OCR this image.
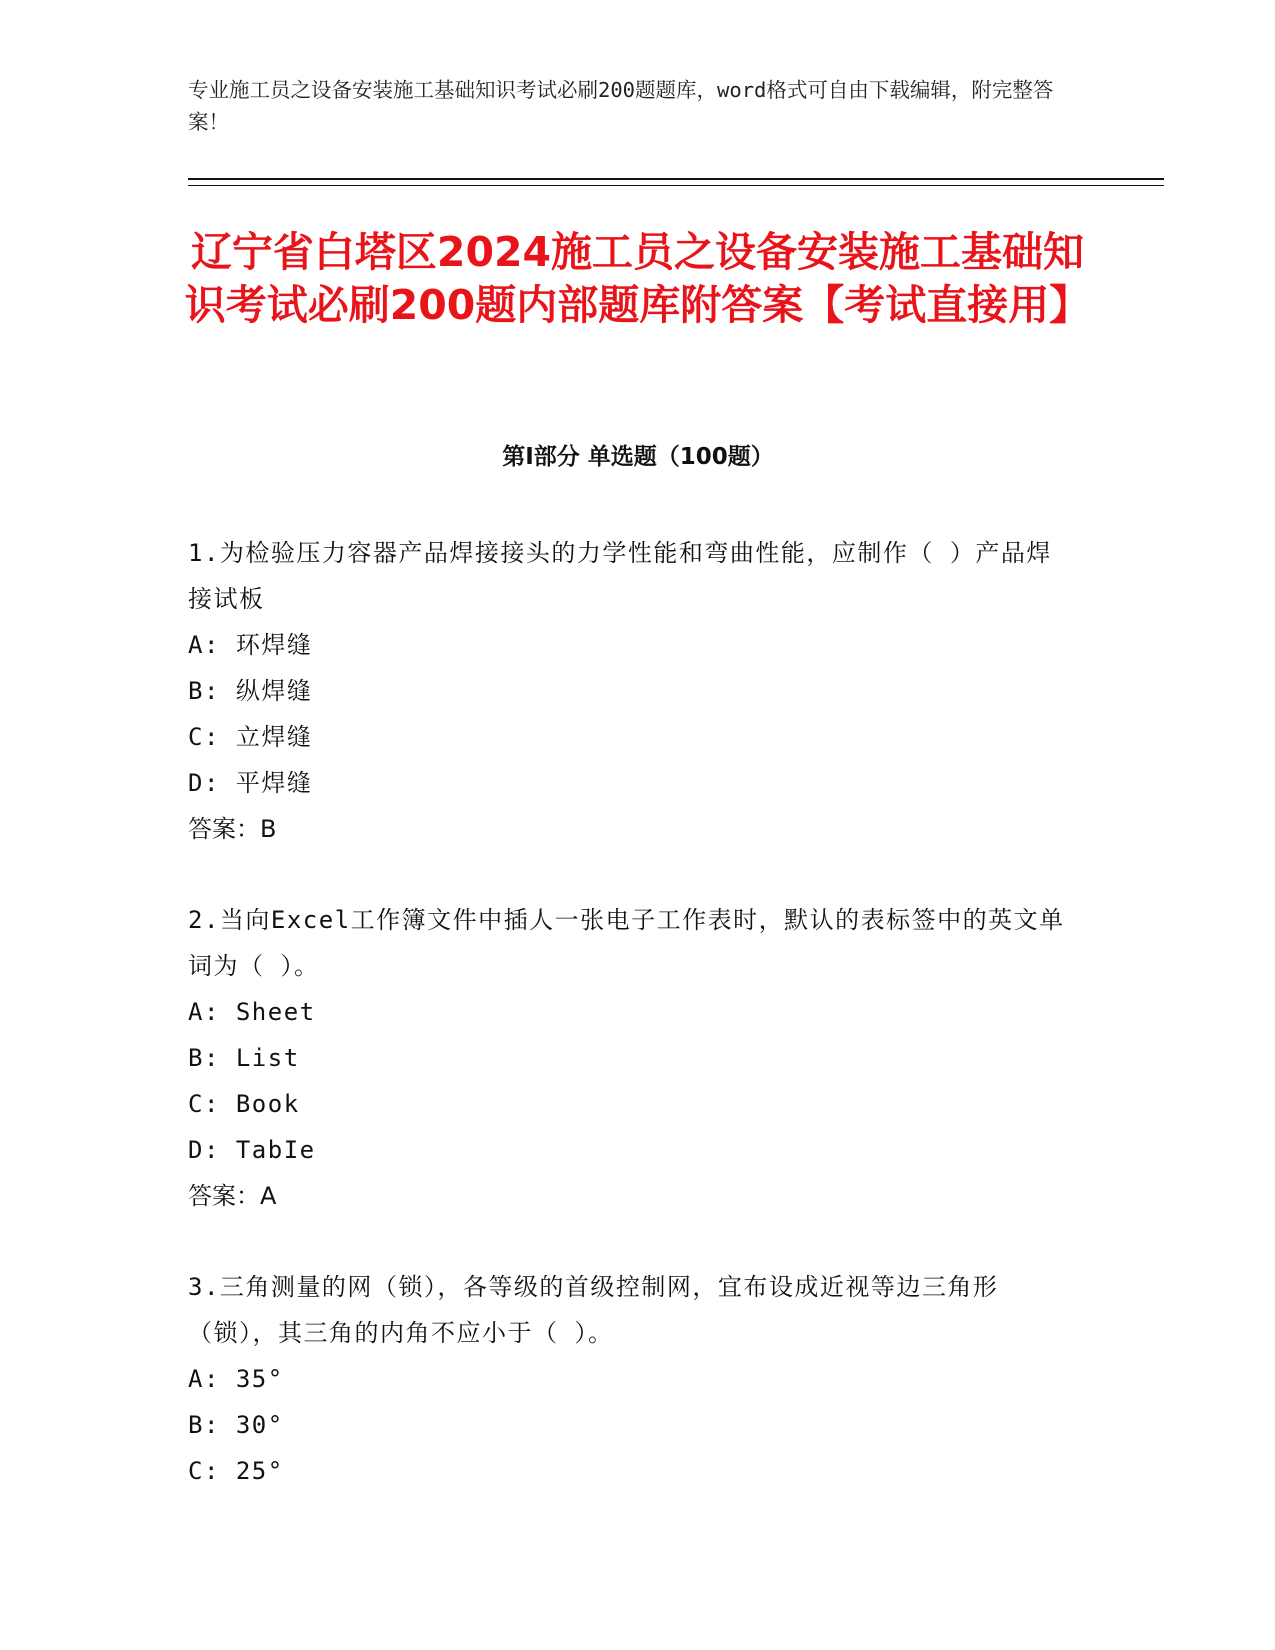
专业施工员之设备安装施工基础知识考试必刷200题题库，word格式可自由下载编辑，附完整答案！
辽宁省白塔区2024施工员之设备安装施工基础知识考试必刷200题内部题库附答案【考试直接用】
第I部分 单选题（100题）
1.为检验压力容器产品焊接接头的力学性能和弯曲性能，应制作（ ）产品焊接试板
A: 环焊缝
B: 纵焊缝
C: 立焊缝
D: 平焊缝
答案：B
2.当向Excel工作簿文件中插人一张电子工作表时，默认的表标签中的英文单词为（ ）。
A: Sheet
B: List
C: Book
D: TabIe
答案：A
3.三角测量的网（锁），各等级的首级控制网，宜布设成近视等边三角形（锁），其三角的内角不应小于（ ）。
A: 35°
B: 30°
C: 25°
